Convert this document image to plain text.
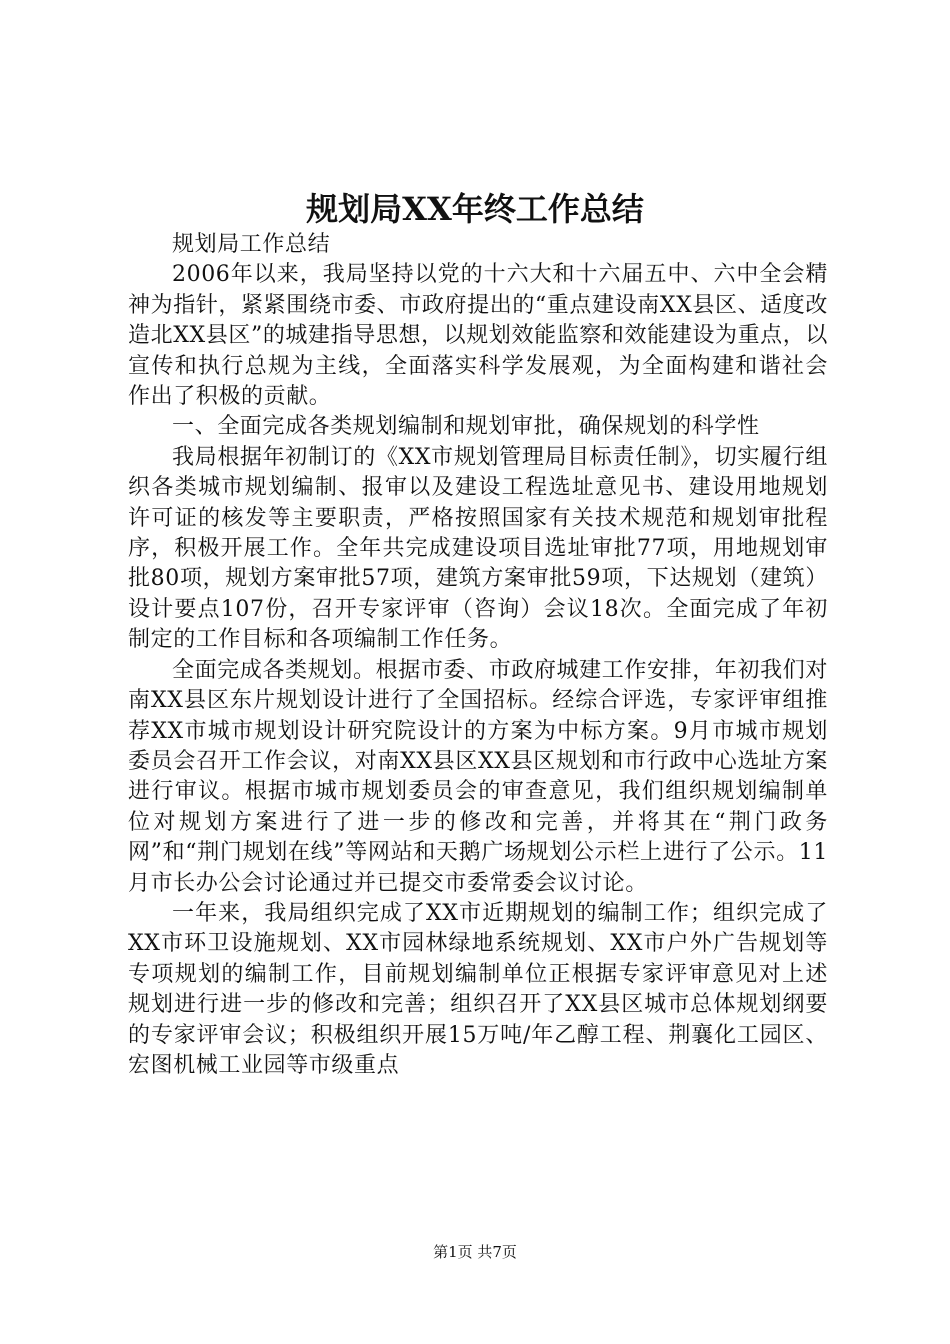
规划局XX年终工作总结

规划局工作总结

2006年以来，我局坚持以党的十六大和十六届五中、六中全会精神为指针，紧紧围绕市委、市政府提出的“重点建设南XX县区、适度改造北XX县区”的城建指导思想，以规划效能监察和效能建设为重点，以宣传和执行总规为主线，全面落实科学发展观，为全面构建和谐社会作出了积极的贡献。

一、全面完成各类规划编制和规划审批，确保规划的科学性

我局根据年初制订的《XX市规划管理局目标责任制》，切实履行组织各类城市规划编制、报审以及建设工程选址意见书、建设用地规划许可证的核发等主要职责，严格按照国家有关技术规范和规划审批程序，积极开展工作。全年共完成建设项目选址审批77项，用地规划审批80项，规划方案审批57项，建筑方案审批59项，下达规划（建筑）设计要点107份，召开专家评审（咨询）会议18次。全面完成了年初制定的工作目标和各项编制工作任务。

全面完成各类规划。根据市委、市政府城建工作安排，年初我们对南XX县区东片规划设计进行了全国招标。经综合评选，专家评审组推荐XX市城市规划设计研究院设计的方案为中标方案。9月市城市规划委员会召开工作会议，对南XX县区XX县区规划和市行政中心选址方案进行审议。根据市城市规划委员会的审查意见，我们组织规划编制单位对规划方案进行了进一步的修改和完善，并将其在“荆门政务网”和“荆门规划在线”等网站和天鹅广场规划公示栏上进行了公示。11月市长办公会讨论通过并已提交市委常委会议讨论。

一年来，我局组织完成了XX市近期规划的编制工作；组织完成了XX市环卫设施规划、XX市园林绿地系统规划、XX市户外广告规划等专项规划的编制工作，目前规划编制单位正根据专家评审意见对上述规划进行进一步的修改和完善；组织召开了XX县区城市总体规划纲要的专家评审会议；积极组织开展15万吨/年乙醇工程、荆襄化工园区、宏图机械工业园等市级重点

第1页 共7页
